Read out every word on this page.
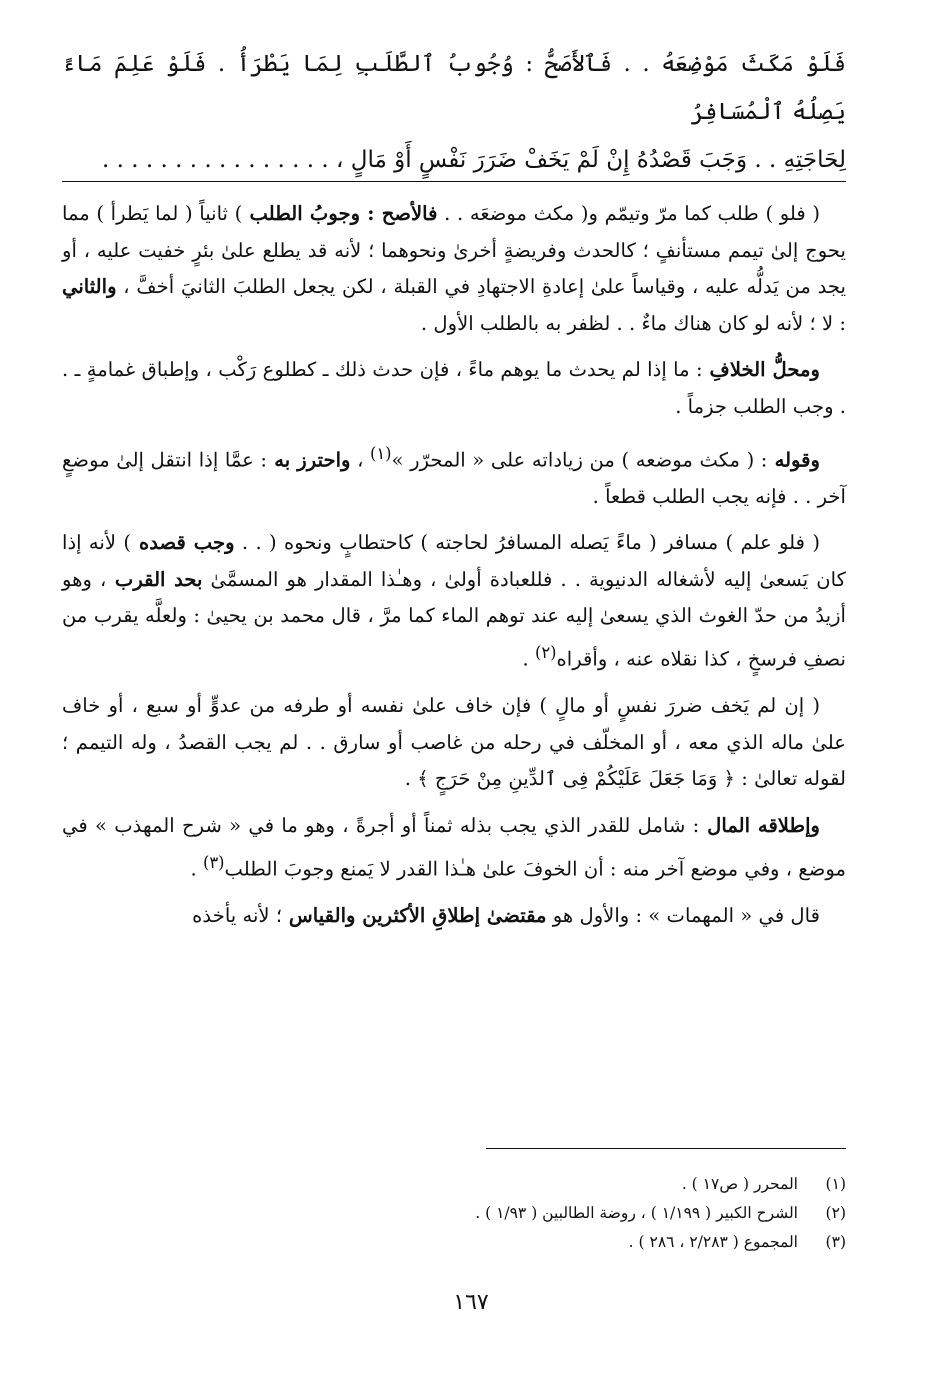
فَلَوْ مَكَثَ مَوْضِعَهُ . . فَٱلأَصَحُّ : وُجُوبُ ٱلطَّلَبِ لِمَا يَطْرَأُ . فَلَوْ عَلِمَ مَاءً يَصِلُهُ ٱلْمُسَافِرُ
لِحَاجَتِهِ . . وَجَبَ قَصْدُهُ إِنْ لَمْ يَخَفْ ضَرَرَ نَفْسٍ أَوْ مَالٍ ، . . . . . . . . . . . . . . . .

( فلو ) طلب كما مرّ وتيمّم و( مكث موضعَه . . فالأصح : وجوبُ الطلب ) ثانياً ( لما يَطرأ ) مما يحوج إلىٰ تيمم مستأنفٍ ؛ كالحدث وفريضةٍ أخرىٰ ونحوهما ؛ لأنه قد يطلع علىٰ بئرٍ خفيت عليه ، أو يجد من يَدلُّه عليه ، وقياساً علىٰ إعادةِ الاجتهادِ في القبلة ، لكن يجعل الطلبَ الثانيَ أخفَّ ، والثاني : لا ؛ لأنه لو كان هناك ماءٌ . . لظفر به بالطلب الأول .

ومحلُّ الخلافِ : ما إذا لم يحدث ما يوهم ماءً ، فإن حدث ذلك ـ كطلوع رَكْب ، وإطباق غمامةٍ ـ . . وجب الطلب جزماً .

وقوله : ( مكث موضعه ) من زياداته على « المحرّر »$^{(١)}$ ، واحترز به : عمَّا إذا انتقل إلىٰ موضعٍ آخر . . فإنه يجب الطلب قطعاً .

( فلو علم ) مسافر ( ماءً يَصله المسافرُ لحاجته ) كاحتطابٍ ونحوه ( . . وجب قصده ) لأنه إذا كان يَسعىٰ إليه لأشغاله الدنيوية . . فللعبادة أولىٰ ، وهـٰذا المقدار هو المسمَّىٰ بحد القرب ، وهو أزيدُ من حدّ الغوث الذي يسعىٰ إليه عند توهم الماء كما مرَّ ، قال محمد بن يحيىٰ : ولعلَّه يقرب من نصفِ فرسخٍ ، كذا نقلاه عنه ، وأقراه$^{(٢)}$ .

( إن لم يَخف ضررَ نفسٍ أو مالٍ ) فإن خاف علىٰ نفسه أو طرفه من عدوٍّ أو سبع ، أو خاف علىٰ ماله الذي معه ، أو المخلّف في رحله من غاصب أو سارق . . لم يجب القصدُ ، وله التيمم ؛ لقوله تعالىٰ : ﴿ وَمَا جَعَلَ عَلَيْكُمْ فِى ٱلدِّينِ مِنْ حَرَجٍ ﴾ .

وإطلاقه المال : شامل للقدر الذي يجب بذله ثمناً أو أجرةً ، وهو ما في « شرح المهذب » في موضع ، وفي موضع آخر منه : أن الخوفَ علىٰ هـٰذا القدر لا يَمنع وجوبَ الطلب$^{(٣)}$ .

قال في « المهمات » : والأول هو مقتضىٰ إطلاقِ الأكثرين والقياس ؛ لأنه يأخذه

(١)
المحرر ( ص١٧ ) .
(٢)
الشرح الكبير ( ١/١٩٩ ) ، روضة الطالبين ( ١/٩٣ ) .
(٣)
المجموع ( ٢/٢٨٣ ، ٢٨٦ ) .
١٦٧
